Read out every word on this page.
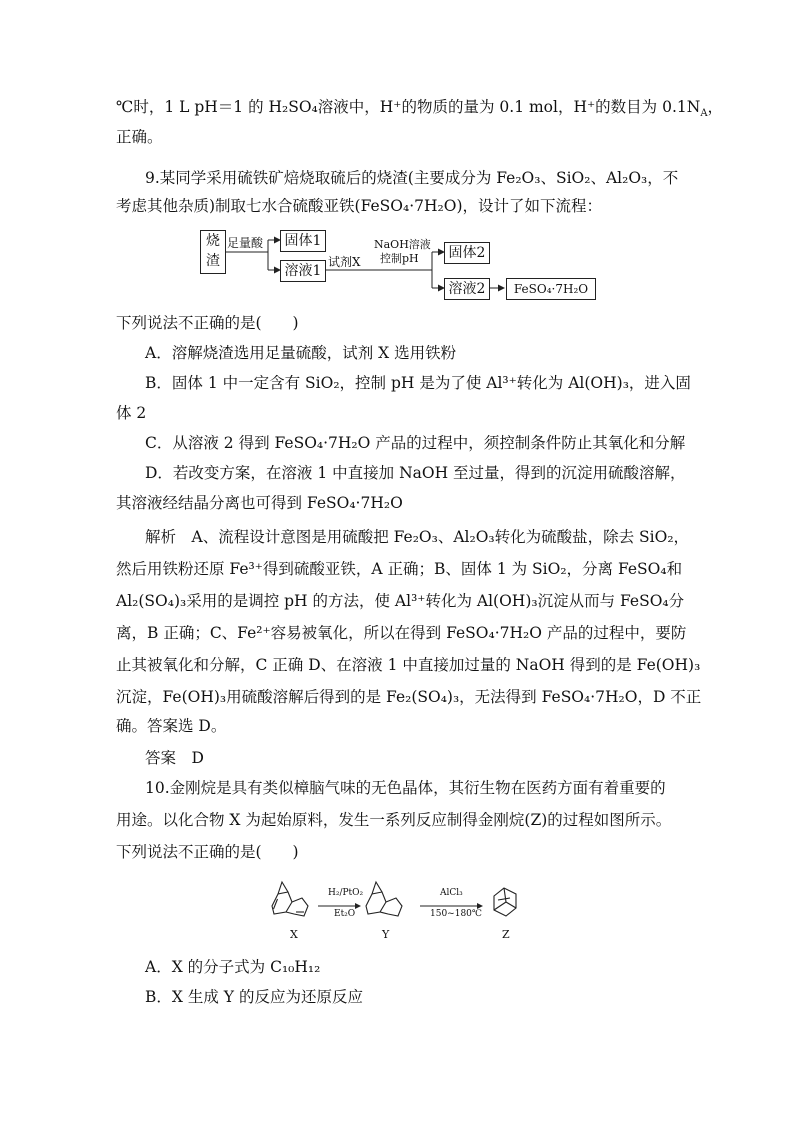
℃时，1 L pH＝1 的 H₂SO₄溶液中，H⁺的物质的量为 0.1 mol，H⁺的数目为 $0.1N_A$，
正确。
9.某同学采用硫铁矿焙烧取硫后的烧渣(主要成分为 Fe₂O₃、SiO₂、Al₂O₃，不
考虑其他杂质)制取七水合硫酸亚铁(FeSO₄·7H₂O)，设计了如下流程：
烧
渣
足量酸	固体1
溶液1
试剂X
NaOH溶液
控制pH	固体2
溶液2	FeSO₄·7H₂O
下列说法不正确的是(　　)
A．溶解烧渣选用足量硫酸，试剂 X 选用铁粉
B．固体 1 中一定含有 SiO₂，控制 pH 是为了使 Al³⁺转化为 Al(OH)₃，进入固
体 2
C．从溶液 2 得到 FeSO₄·7H₂O 产品的过程中，须控制条件防止其氧化和分解
D．若改变方案，在溶液 1 中直接加 NaOH 至过量，得到的沉淀用硫酸溶解，
其溶液经结晶分离也可得到 FeSO₄·7H₂O
解析　A、流程设计意图是用硫酸把 Fe₂O₃、Al₂O₃转化为硫酸盐，除去 SiO₂，
然后用铁粉还原 Fe³⁺得到硫酸亚铁，A 正确；B、固体 1 为 SiO₂，分离 FeSO₄和
Al₂(SO₄)₃采用的是调控 pH 的方法，使 Al³⁺转化为 Al(OH)₃沉淀从而与 FeSO₄分
离，B 正确；C、Fe²⁺容易被氧化，所以在得到 FeSO₄·7H₂O 产品的过程中，要防
止其被氧化和分解，C 正确 D、在溶液 1 中直接加过量的 NaOH 得到的是 Fe(OH)₃
沉淀，Fe(OH)₃用硫酸溶解后得到的是 Fe₂(SO₄)₃，无法得到 FeSO₄·7H₂O，D 不正
确。答案选 D。
答案　D
10.金刚烷是具有类似樟脑气味的无色晶体，其衍生物在医药方面有着重要的
用途。以化合物 X 为起始原料，发生一系列反应制得金刚烷(Z)的过程如图所示。
下列说法不正确的是(　　)
H₂/PtO₂
Et₂O
AlCl₃
150~180℃
X	Y	Z
A．X 的分子式为 C₁₀H₁₂
B．X 生成 Y 的反应为还原反应
